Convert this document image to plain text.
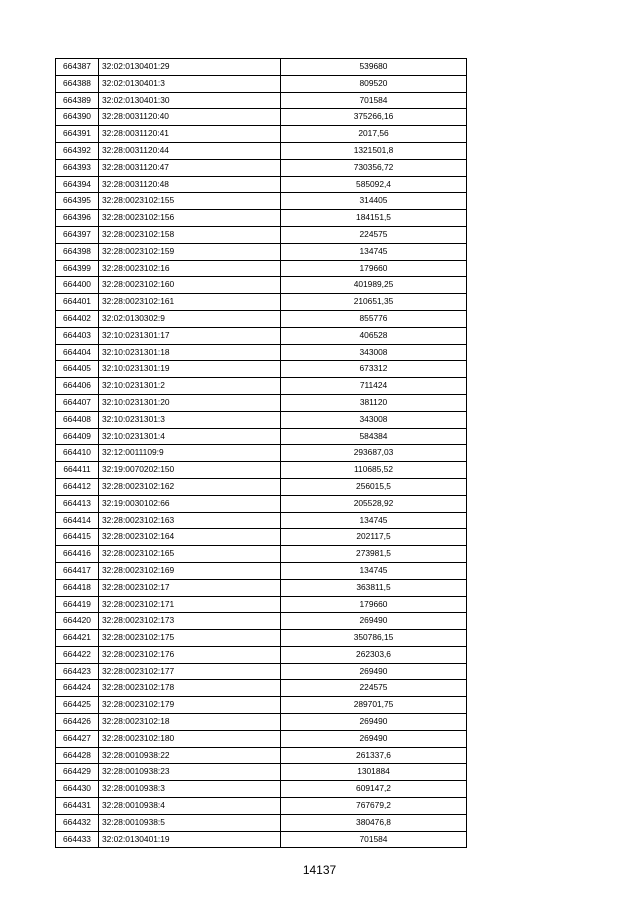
664387	32:02:0130401:29	539680
664388	32:02:0130401:3	809520
664389	32:02:0130401:30	701584
664390	32:28:0031120:40	375266,16
664391	32:28:0031120:41	2017,56
664392	32:28:0031120:44	1321501,8
664393	32:28:0031120:47	730356,72
664394	32:28:0031120:48	585092,4
664395	32:28:0023102:155	314405
664396	32:28:0023102:156	184151,5
664397	32:28:0023102:158	224575
664398	32:28:0023102:159	134745
664399	32:28:0023102:16	179660
664400	32:28:0023102:160	401989,25
664401	32:28:0023102:161	210651,35
664402	32:02:0130302:9	855776
664403	32:10:0231301:17	406528
664404	32:10:0231301:18	343008
664405	32:10:0231301:19	673312
664406	32:10:0231301:2	711424
664407	32:10:0231301:20	381120
664408	32:10:0231301:3	343008
664409	32:10:0231301:4	584384
664410	32:12:0011109:9	293687,03
664411	32:19:0070202:150	110685,52
664412	32:28:0023102:162	256015,5
664413	32:19:0030102:66	205528,92
664414	32:28:0023102:163	134745
664415	32:28:0023102:164	202117,5
664416	32:28:0023102:165	273981,5
664417	32:28:0023102:169	134745
664418	32:28:0023102:17	363811,5
664419	32:28:0023102:171	179660
664420	32:28:0023102:173	269490
664421	32:28:0023102:175	350786,15
664422	32:28:0023102:176	262303,6
664423	32:28:0023102:177	269490
664424	32:28:0023102:178	224575
664425	32:28:0023102:179	289701,75
664426	32:28:0023102:18	269490
664427	32:28:0023102:180	269490
664428	32:28:0010938:22	261337,6
664429	32:28:0010938:23	1301884
664430	32:28:0010938:3	609147,2
664431	32:28:0010938:4	767679,2
664432	32:28:0010938:5	380476,8
664433	32:02:0130401:19	701584
14137
